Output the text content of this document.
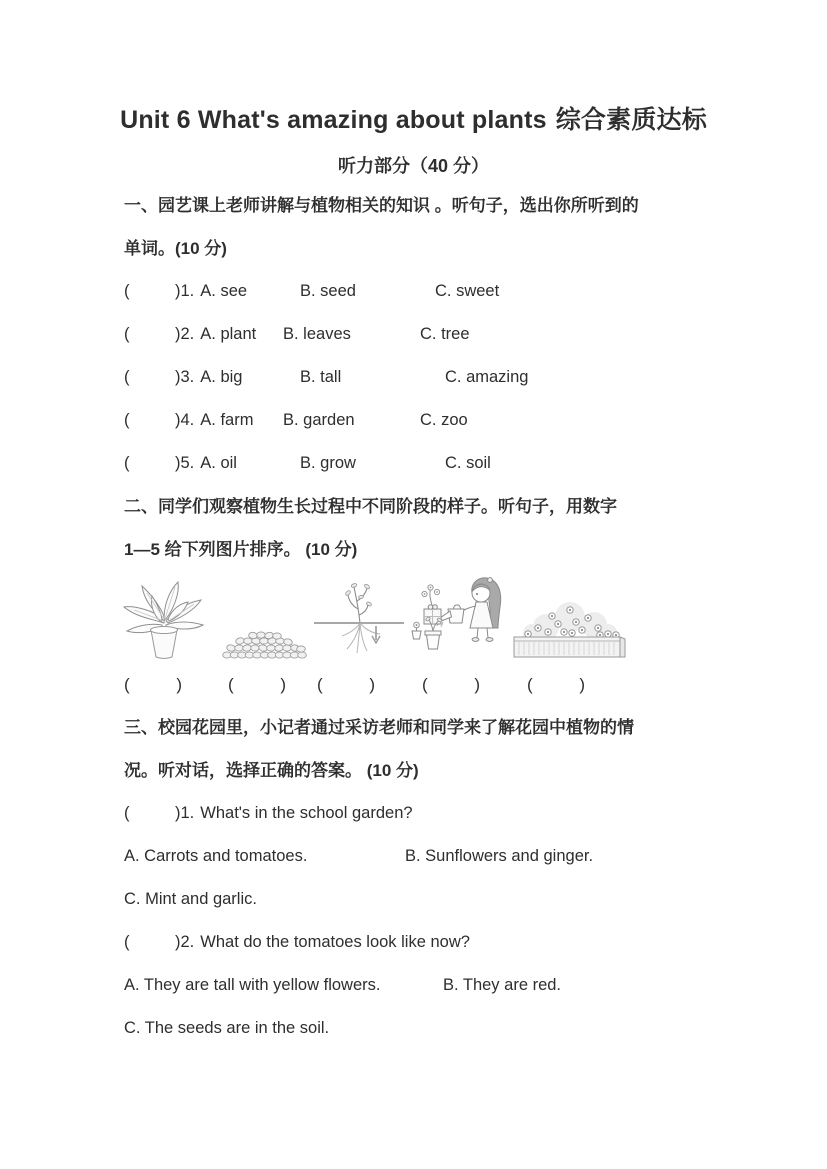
Unit 6 What's amazing about plants 综合素质达标
听力部分（40 分）
一、园艺课上老师讲解与植物相关的知识 。听句子，选出你所听到的
单词。(10 分)
(	)1. A. see	B. seed	C. sweet
(	)2. A. plant	B. leaves	C. tree
(	)3. A. big	B. tall	C. amazing
(	)4. A. farm	B. garden	C. zoo
(	)5. A. oil	B. grow	C. soil
二、同学们观察植物生长过程中不同阶段的样子。听句子，用数字
1—5 给下列图片排序。 (10 分)
(	)	(	) (	)	(	)	(	)
三、校园花园里，小记者通过采访老师和同学来了解花园中植物的情
况。听对话，选择正确的答案。 (10 分)
(	)1. What's in the school garden?
A. Carrots and tomatoes.	B. Sunflowers and ginger.
C. Mint and garlic.
(	)2. What do the tomatoes look like now?
A. They are tall with yellow flowers.	B. They are red.
C. The seeds are in the soil.
